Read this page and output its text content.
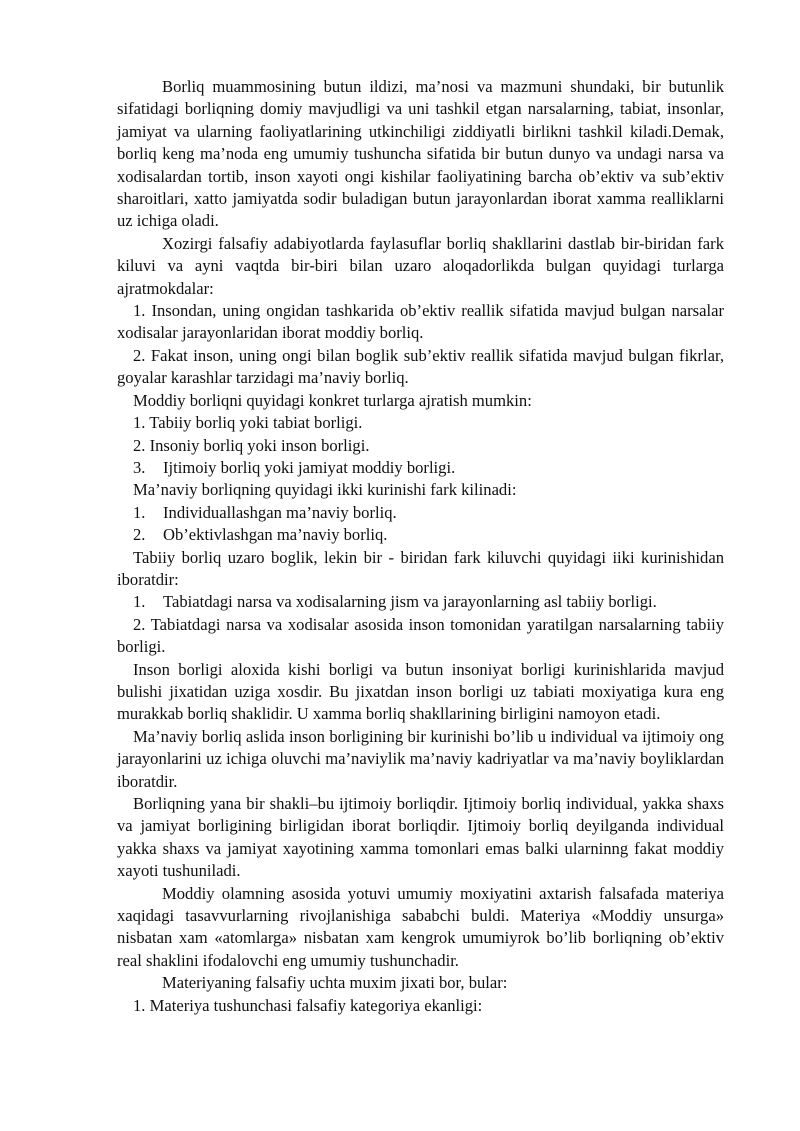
Borliq muammosining butun ildizi, ma’nosi va mazmuni shundaki, bir butunlik sifatidagi borliqning domiy mavjudligi va uni tashkil etgan narsalarning, tabiat, insonlar, jamiyat va ularning faoliyatlarining utkinchiligi ziddiyatli birlikni tashkil kiladi.Demak, borliq keng ma’noda eng umumiy tushuncha sifatida bir butun dunyo va undagi narsa va xodisalardan tortib, inson xayoti ongi kishilar faoliyatining barcha ob’ektiv va sub’ektiv sharoitlari, xatto jamiyatda sodir buladigan butun jarayonlardan iborat xamma realliklarni uz ichiga oladi.

Xozirgi falsafiy adabiyotlarda faylasuflar borliq shakllarini dastlab bir-biridan fark kiluvi va ayni vaqtda bir-biri bilan uzaro aloqadorlikda bulgan quyidagi turlarga ajratmokdalar:

1. Insondan, uning ongidan tashkarida ob’ektiv reallik sifatida mavjud bulgan narsalar xodisalar jarayonlaridan iborat moddiy borliq.

2. Fakat inson, uning ongi bilan boglik sub’ektiv reallik sifatida mavjud bulgan fikrlar, goyalar karashlar tarzidagi ma’naviy borliq.

Moddiy borliqni quyidagi konkret turlarga ajratish mumkin:

1. Tabiiy borliq yoki tabiat borligi.

2. Insoniy borliq yoki inson borligi.

3. Ijtimoiy borliq yoki jamiyat moddiy borligi.

Ma’naviy borliqning quyidagi ikki kurinishi fark kilinadi:

1. Individuallashgan ma’naviy borliq.

2. Ob’ektivlashgan ma’naviy borliq.

Tabiiy borliq uzaro boglik, lekin bir - biridan fark kiluvchi quyidagi iiki kurinishidan iboratdir:

1. Tabiatdagi narsa va xodisalarning jism va jarayonlarning asl tabiiy borligi.

2. Tabiatdagi narsa va xodisalar asosida inson tomonidan yaratilgan narsalarning tabiiy borligi.

Inson borligi aloxida kishi borligi va butun insoniyat borligi kurinishlarida mavjud bulishi jixatidan uziga xosdir. Bu jixatdan inson borligi uz tabiati moxiyatiga kura eng murakkab borliq shaklidir. U xamma borliq shakllarining birligini namoyon etadi.

Ma’naviy borliq aslida inson borligining bir kurinishi bo’lib u individual va ijtimoiy ong jarayonlarini uz ichiga oluvchi ma’naviylik ma’naviy kadriyatlar va ma’naviy boyliklardan iboratdir.

Borliqning yana bir shakli–bu ijtimoiy borliqdir. Ijtimoiy borliq individual, yakka shaxs va jamiyat borligining birligidan iborat borliqdir. Ijtimoiy borliq deyilganda individual yakka shaxs va jamiyat xayotining xamma tomonlari emas balki ularninng fakat moddiy xayoti tushuniladi.

Moddiy olamning asosida yotuvi umumiy moxiyatini axtarish falsafada materiya xaqidagi tasavvurlarning rivojlanishiga sababchi buldi. Materiya «Moddiy unsurga» nisbatan xam «atomlarga» nisbatan xam kengrok umumiyrok bo’lib borliqning ob’ektiv real shaklini ifodalovchi eng umumiy tushunchadir.

Materiyaning falsafiy uchta muxim jixati bor, bular:

1. Materiya tushunchasi falsafiy kategoriya ekanligi:
